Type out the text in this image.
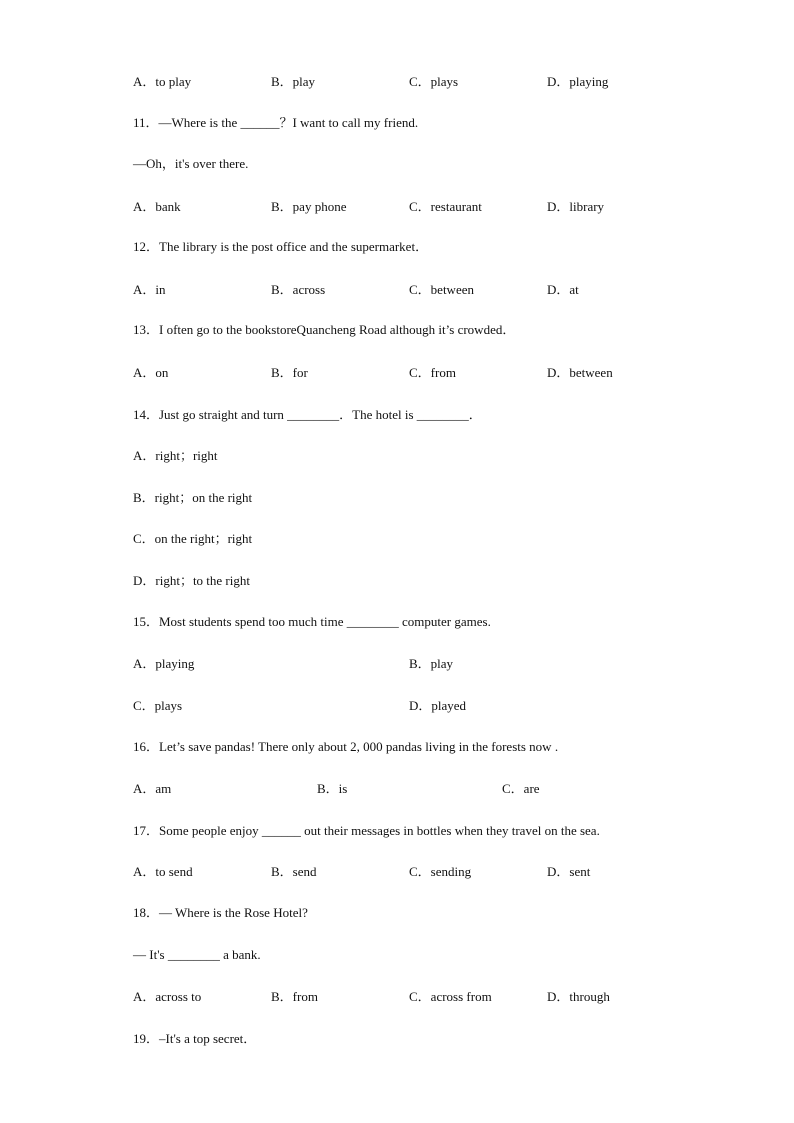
A．to play	B．play	C．plays	D．playing
11．—Where is the ______？I want to call my friend.
—Oh，it's over there.
A．bank	B．pay phone	C．restaurant	D．library
12．The library is the post office and the supermarket．
A．in	B．across	C．between	D．at
13．I often go to the bookstoreQuancheng Road although it’s crowded．
A．on	B．for	C．from	D．between
14．Just go straight and turn ________．The hotel is ________．
A．right；right
B．right；on the right
C．on the right；right
D．right；to the right
15．Most students spend too much time ________ computer games.
A．playing	B．play
C．plays	D．played
16．Let’s save pandas! There only about 2, 000 pandas living in the forests now .
A．am	B．is	C．are
17．Some people enjoy ______ out their messages in bottles when they travel on the sea.
A．to send	B．send	C．sending	D．sent
18．— Where is the Rose Hotel?
— It's ________ a bank.
A．across to	B．from	C．across from	D．through
19．–It's a top secret．
